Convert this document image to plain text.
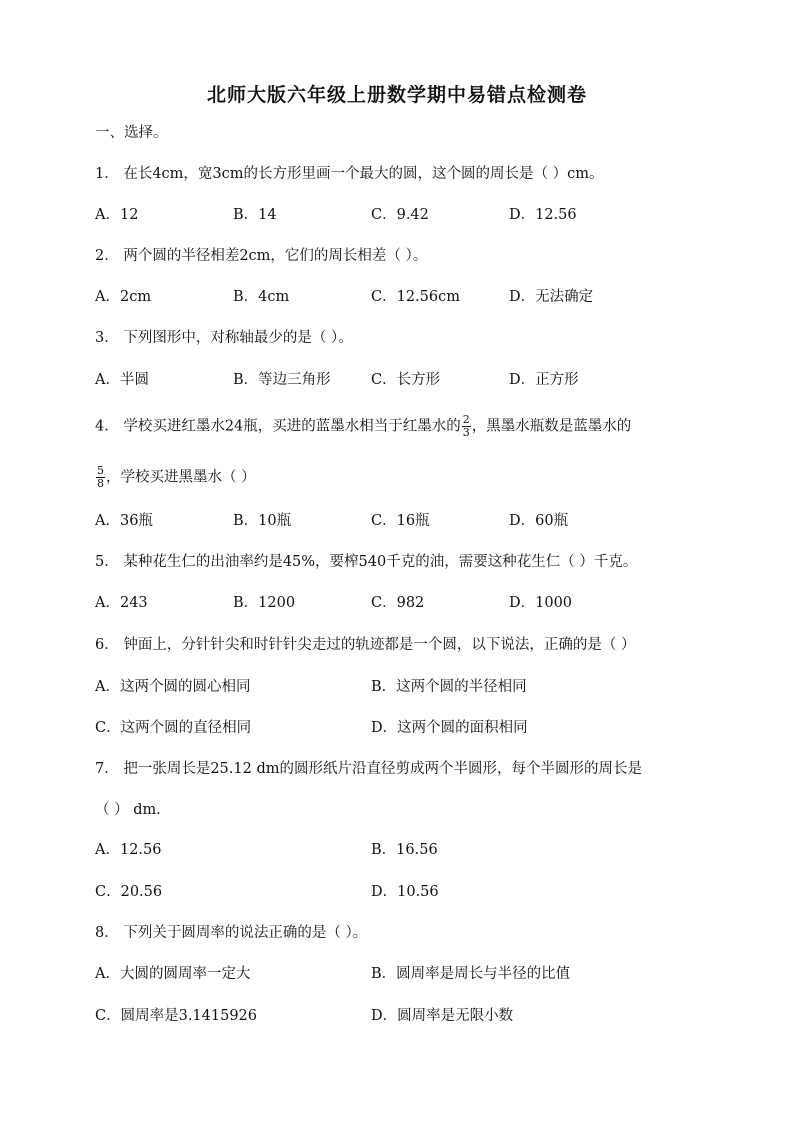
北师大版六年级上册数学期中易错点检测卷
一、选择。
1． 在长4cm，宽3cm的长方形里画一个最大的圆，这个圆的周长是（ ）cm。
A．12	B．14	C．9.42	D．12.56
2． 两个圆的半径相差2cm，它们的周长相差（ ）。
A．2cm	B．4cm	C．12.56cm	D．无法确定
3． 下列图形中，对称轴最少的是（ ）。
A．半圆	B．等边三角形	C．长方形	D．正方形
4． 学校买进红墨水24瓶，买进的蓝墨水相当于红墨水的 $\frac{2}{3}$ ，黑墨水瓶数是蓝墨水的
$\frac{5}{8}$ ，学校买进黑墨水（ ）
A．36瓶	B．10瓶	C．16瓶	D．60瓶
5． 某种花生仁的出油率约是45%，要榨540千克的油，需要这种花生仁（ ）千克。
A．243	B．1200	C．982	D．1000
6． 钟面上，分针针尖和时针针尖走过的轨迹都是一个圆，以下说法，正确的是（ ）
A．这两个圆的圆心相同	B．这两个圆的半径相同
C．这两个圆的直径相同	D．这两个圆的面积相同
7． 把一张周长是25.12 dm的圆形纸片沿直径剪成两个半圆形，每个半圆形的周长是
（ ） dm．
A．12.56	B．16.56
C．20.56	D．10.56
8． 下列关于圆周率的说法正确的是（ ）。
A．大圆的圆周率一定大	B．圆周率是周长与半径的比值
C．圆周率是3.1415926	D．圆周率是无限小数
